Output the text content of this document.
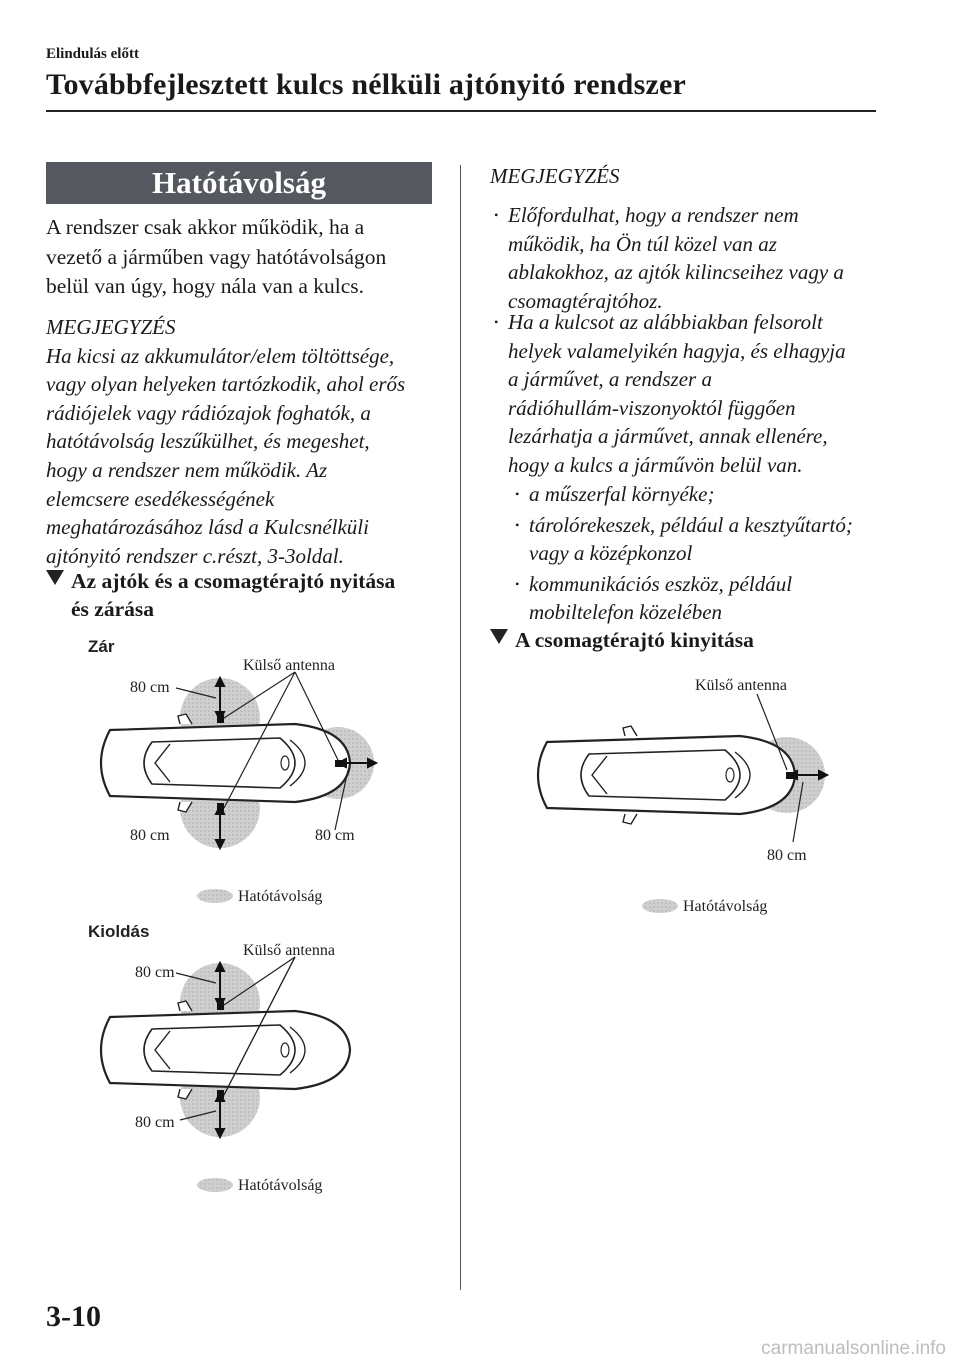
Elindulás előtt
Továbbfejlesztett kulcs nélküli ajtónyitó rendszer
Hatótávolság
A rendszer csak akkor működik, ha a
vezető a járműben vagy hatótávolságon
belül van úgy, hogy nála van a kulcs.
MEGJEGYZÉS
Ha kicsi az akkumulátor/elem töltöttsége,
vagy olyan helyeken tartózkodik, ahol erős
rádiójelek vagy rádiózajok foghatók, a
hatótávolság leszűkülhet, és megeshet,
hogy a rendszer nem működik. Az
elemcsere esedékességének
meghatározásához lásd a Kulcsnélküli
ajtónyitó rendszer c.részt, 3-3oldal.
Az ajtók és a csomagtérajtó nyitása
és zárása
Zár
Külső antenna
80 cm
80 cm	80 cm
Hatótávolság
Kioldás
Külső antenna
80 cm
80 cm
Hatótávolság
MEGJEGYZÉS
• Előfordulhat, hogy a rendszer nem
működik, ha Ön túl közel van az
ablakokhoz, az ajtók kilincseihez vagy a
csomagtérajtóhoz.
• Ha a kulcsot az alábbiakban felsorolt
helyek valamelyikén hagyja, és elhagyja
a járművet, a rendszer a
rádióhullám-viszonyoktól függően
lezárhatja a járművet, annak ellenére,
hogy a kulcs a járművön belül van.
• a műszerfal környéke;
• tárolórekeszek, például a kesztyűtartó;
vagy a középkonzol
• kommunikációs eszköz, például
mobiltelefon közelében
A csomagtérajtó kinyitása
Külső antenna
80 cm
Hatótávolság
3-10
carmanualsonline.info
